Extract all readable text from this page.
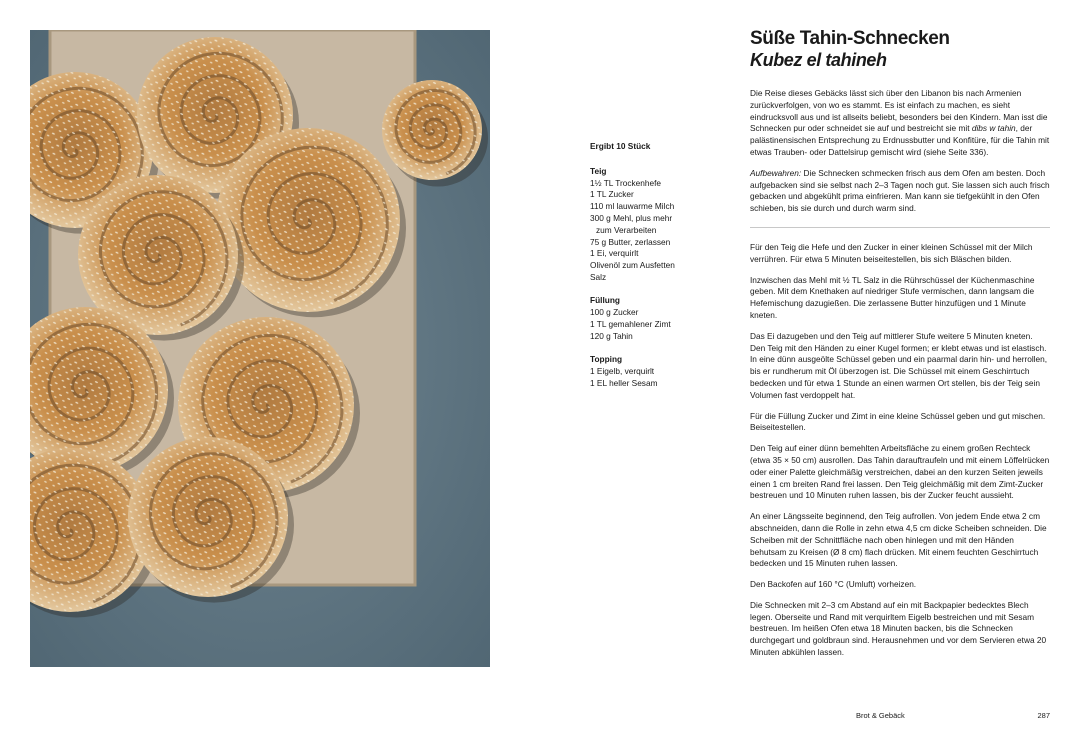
Ergibt 10 Stück
Teig
1½ TL Trockenhefe
1 TL Zucker
110 ml lauwarme Milch
300 g Mehl, plus mehr
zum Verarbeiten
75 g Butter, zerlassen
1 Ei, verquirlt
Olivenöl zum Ausfetten
Salz
Füllung
100 g Zucker
1 TL gemahlener Zimt
120 g Tahin
Topping
1 Eigelb, verquirlt
1 EL heller Sesam
Süße Tahin-Schnecken
Kubez el tahineh

Die Reise dieses Gebäcks lässt sich über den Libanon bis nach Armenien zurückverfolgen, von wo es stammt. Es ist einfach zu machen, es sieht eindrucksvoll aus und ist allseits beliebt, besonders bei den Kindern. Man isst die Schnecken pur oder schneidet sie auf und bestreicht sie mit dibs w tahin, der palästinensischen Entsprechung zu Erdnussbutter und Konfitüre, für die Tahin mit etwas Trauben- oder Dattelsirup gemischt wird (siehe Seite 336).

Aufbewahren: Die Schnecken schmecken frisch aus dem Ofen am besten. Doch aufgebacken sind sie selbst nach 2–3 Tagen noch gut. Sie lassen sich auch frisch gebacken und abgekühlt prima einfrieren. Man kann sie tiefgekühlt in den Ofen schieben, bis sie durch und durch warm sind.

Für den Teig die Hefe und den Zucker in einer kleinen Schüssel mit der Milch verrühren. Für etwa 5 Minuten beiseitestellen, bis sich Bläschen bilden.

Inzwischen das Mehl mit ½ TL Salz in die Rührschüssel der Küchenmaschine geben. Mit dem Knethaken auf niedriger Stufe vermischen, dann langsam die Hefemischung dazugießen. Die zerlassene Butter hinzufügen und 1 Minute kneten.

Das Ei dazugeben und den Teig auf mittlerer Stufe weitere 5 Minuten kneten. Den Teig mit den Händen zu einer Kugel formen; er klebt etwas und ist elastisch. In eine dünn ausgeölte Schüssel geben und ein paarmal darin hin- und herrollen, bis er rundherum mit Öl überzogen ist. Die Schüssel mit einem Geschirrtuch bedecken und für etwa 1 Stunde an einen warmen Ort stellen, bis der Teig sein Volumen fast verdoppelt hat.

Für die Füllung Zucker und Zimt in eine kleine Schüssel geben und gut mischen. Beiseitestellen.

Den Teig auf einer dünn bemehlten Arbeitsfläche zu einem großen Rechteck (etwa 35 × 50 cm) ausrollen. Das Tahin darauftraufeln und mit einem Löffelrücken oder einer Palette gleichmäßig verstreichen, dabei an den kurzen Seiten jeweils einen 1 cm breiten Rand frei lassen. Den Teig gleichmäßig mit dem Zimt-Zucker bestreuen und 10 Minuten ruhen lassen, bis der Zucker feucht aussieht.

An einer Längsseite beginnend, den Teig aufrollen. Von jedem Ende etwa 2 cm abschneiden, dann die Rolle in zehn etwa 4,5 cm dicke Scheiben schneiden. Die Scheiben mit der Schnittfläche nach oben hinlegen und mit den Händen behutsam zu Kreisen (Ø 8 cm) flach drücken. Mit einem feuchten Geschirrtuch bedecken und 15 Minuten ruhen lassen.

Den Backofen auf 160 °C (Umluft) vorheizen.

Die Schnecken mit 2–3 cm Abstand auf ein mit Backpapier bedecktes Blech legen. Oberseite und Rand mit verquirltem Eigelb bestreichen und mit Sesam bestreuen. Im heißen Ofen etwa 18 Minuten backen, bis die Schnecken durchgegart und goldbraun sind. Herausnehmen und vor dem Servieren etwa 20 Minuten abkühlen lassen.

Brot & Gebäck	287
